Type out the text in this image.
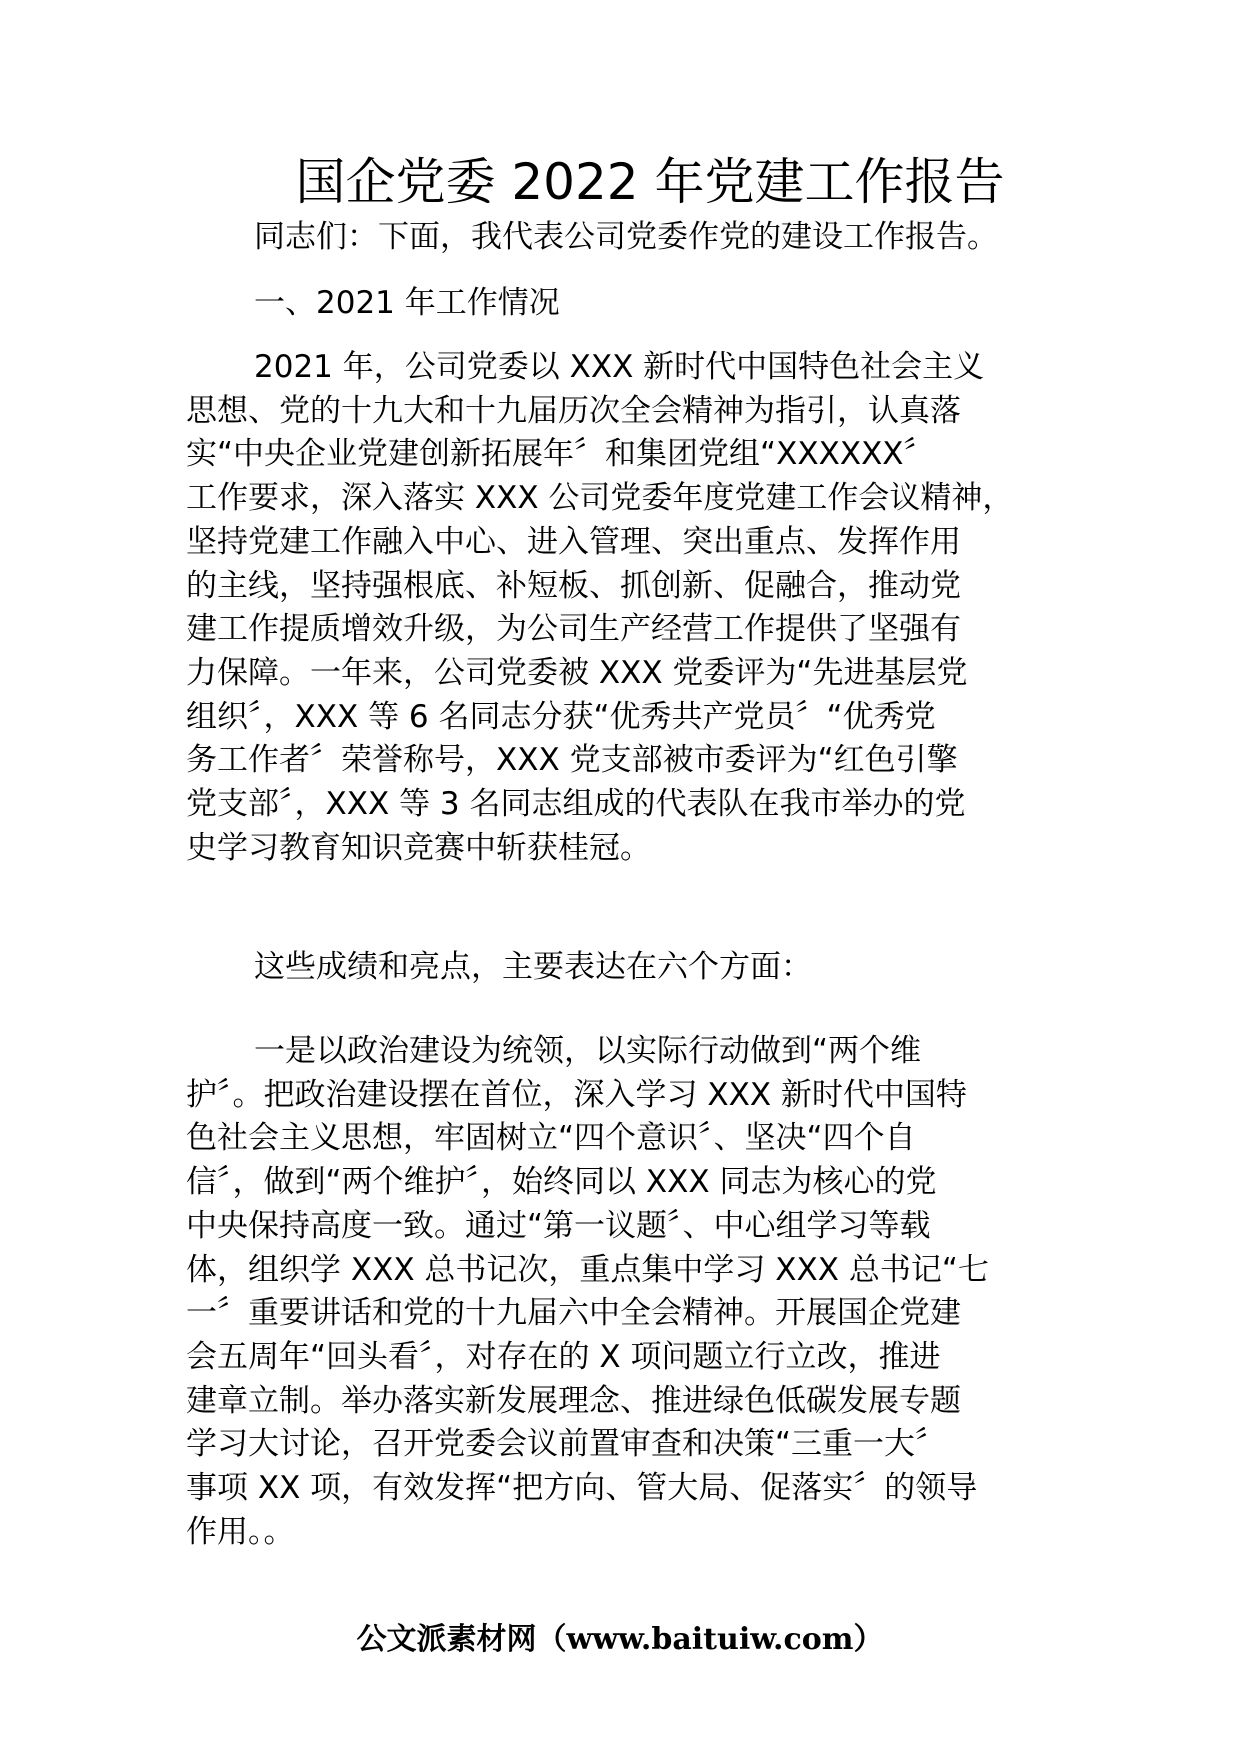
国企党委 2022 年党建工作报告
同志们：下面，我代表公司党委作党的建设工作报告。
一、2021 年工作情况
2021 年，公司党委以 XXX 新时代中国特色社会主义
思想、党的十九大和十九届历次全会精神为指引，认真落
实“中央企业党建创新拓展年〞和集团党组“XXXXXX〞
工作要求，深入落实 XXX 公司党委年度党建工作会议精神，
坚持党建工作融入中心、进入管理、突出重点、发挥作用
的主线，坚持强根底、补短板、抓创新、促融合，推动党
建工作提质增效升级，为公司生产经营工作提供了坚强有
力保障。一年来，公司党委被 XXX 党委评为“先进基层党
组织〞，XXX 等 6 名同志分获“优秀共产党员〞“优秀党
务工作者〞荣誉称号，XXX 党支部被市委评为“红色引擎
党支部〞，XXX 等 3 名同志组成的代表队在我市举办的党
史学习教育知识竞赛中斩获桂冠。
这些成绩和亮点，主要表达在六个方面：
一是以政治建设为统领，以实际行动做到“两个维
护〞。把政治建设摆在首位，深入学习 XXX 新时代中国特
色社会主义思想，牢固树立“四个意识〞、坚决“四个自
信〞，做到“两个维护〞，始终同以 XXX 同志为核心的党
中央保持高度一致。通过“第一议题〞、中心组学习等载
体，组织学 XXX 总书记次，重点集中学习 XXX 总书记“七
一〞重要讲话和党的十九届六中全会精神。开展国企党建
会五周年“回头看〞，对存在的 X 项问题立行立改，推进
建章立制。举办落实新发展理念、推进绿色低碳发展专题
学习大讨论，召开党委会议前置审查和决策“三重一大〞
事项 XX 项，有效发挥“把方向、管大局、促落实〞的领导
作用。。
公文派素材网（www.baituiw.com）
